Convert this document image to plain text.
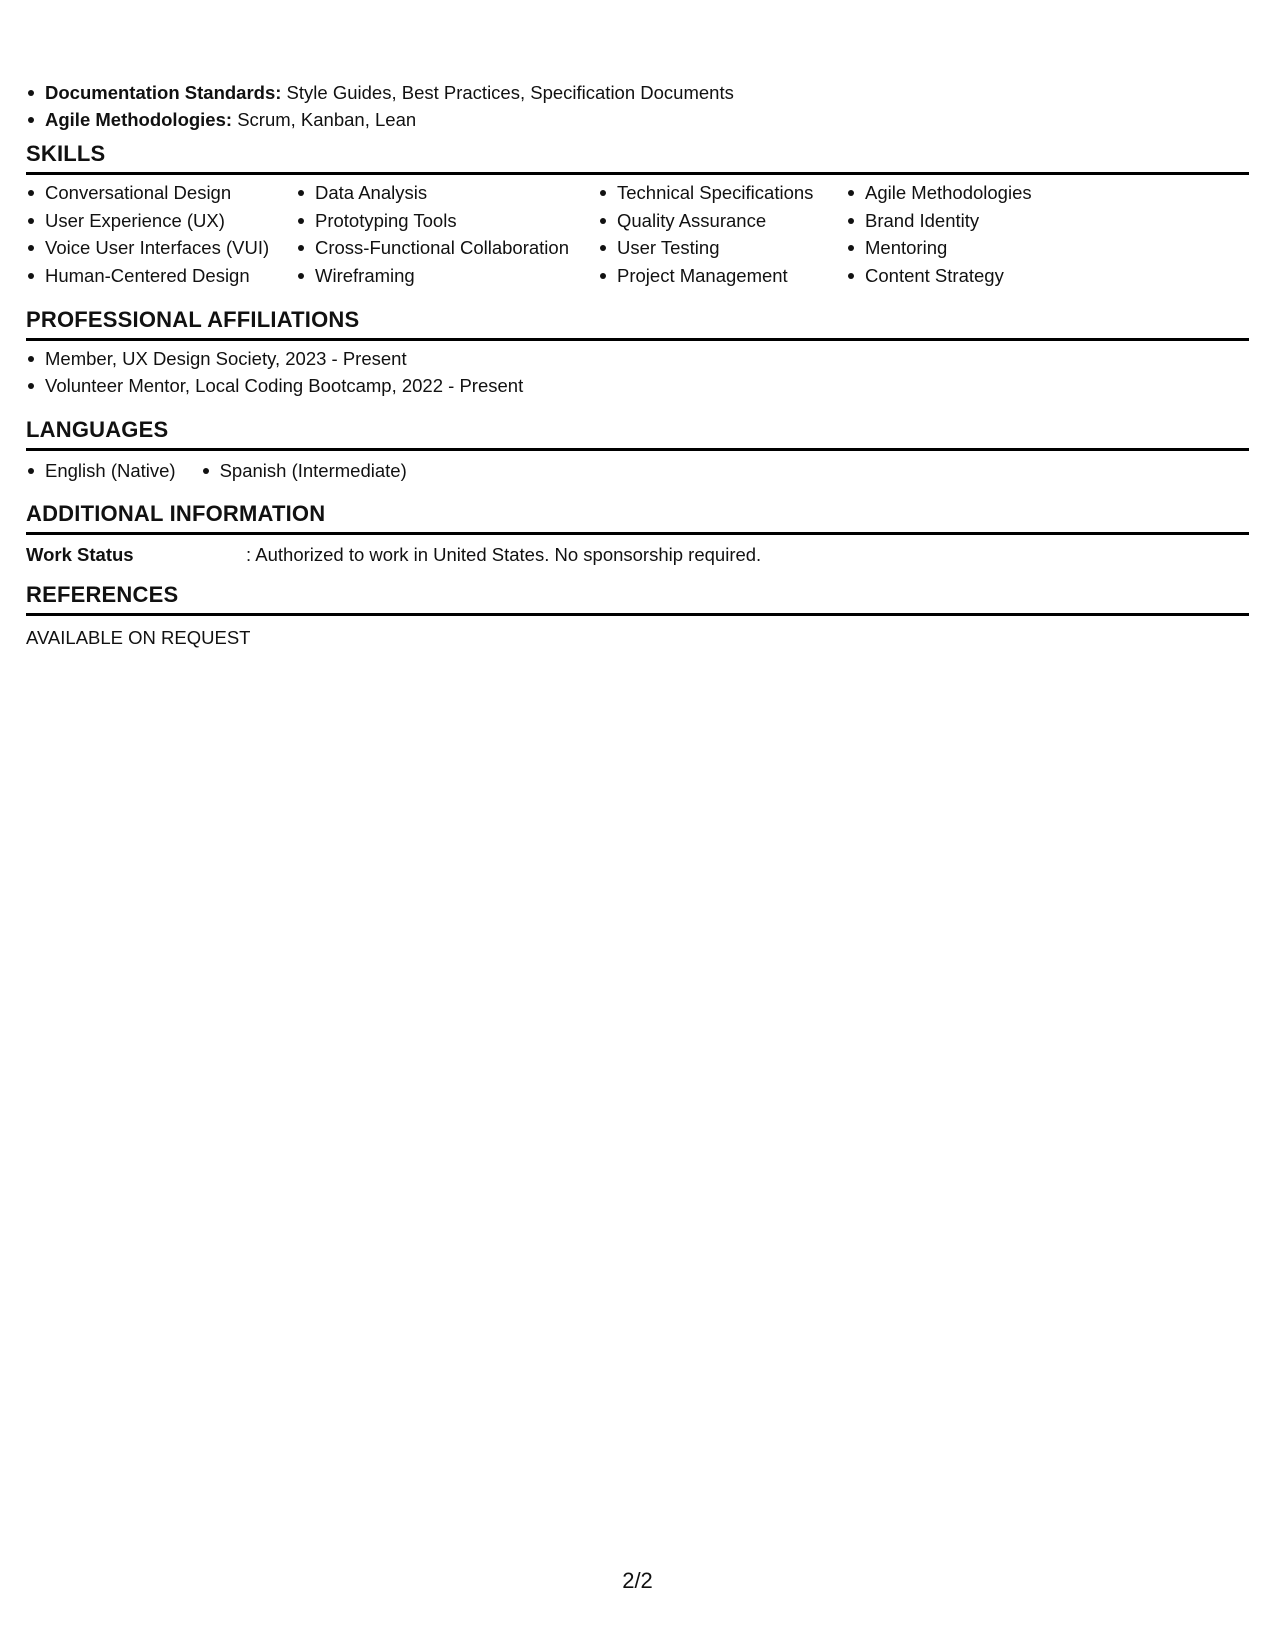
Documentation Standards: Style Guides, Best Practices, Specification Documents
Agile Methodologies: Scrum, Kanban, Lean
SKILLS
Conversational Design
User Experience (UX)
Voice User Interfaces (VUI)
Human-Centered Design
Data Analysis
Prototyping Tools
Cross-Functional Collaboration
Wireframing
Technical Specifications
Quality Assurance
User Testing
Project Management
Agile Methodologies
Brand Identity
Mentoring
Content Strategy
PROFESSIONAL AFFILIATIONS
Member, UX Design Society, 2023 - Present
Volunteer Mentor, Local Coding Bootcamp, 2022 - Present
LANGUAGES
English (Native)	Spanish (Intermediate)
ADDITIONAL INFORMATION
Work Status	: Authorized to work in United States. No sponsorship required.
REFERENCES
AVAILABLE ON REQUEST
2/2
